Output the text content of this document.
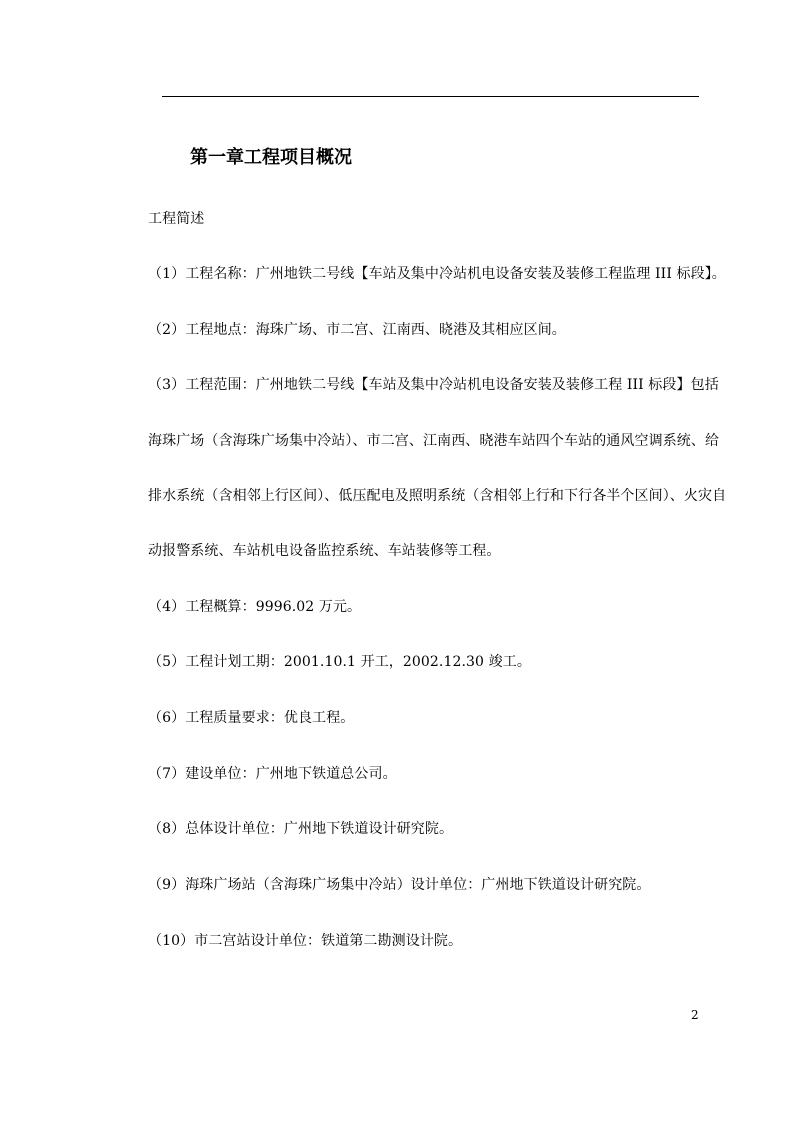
第一章工程项目概况
工程简述
（1）工程名称：广州地铁二号线【车站及集中冷站机电设备安装及装修工程监理 III 标段】。
（2）工程地点：海珠广场、市二宫、江南西、晓港及其相应区间。
（3）工程范围：广州地铁二号线【车站及集中冷站机电设备安装及装修工程 III 标段】包括
海珠广场（含海珠广场集中冷站）、市二宫、江南西、晓港车站四个车站的通风空调系统、给
排水系统（含相邻上行区间）、低压配电及照明系统（含相邻上行和下行各半个区间）、火灾自
动报警系统、车站机电设备监控系统、车站装修等工程。
（4）工程概算：9996.02 万元。
（5）工程计划工期：2001.10.1 开工，2002.12.30 竣工。
（6）工程质量要求：优良工程。
（7）建设单位：广州地下铁道总公司。
（8）总体设计单位：广州地下铁道设计研究院。
（9）海珠广场站（含海珠广场集中冷站）设计单位：广州地下铁道设计研究院。
（10）市二宫站设计单位：铁道第二勘测设计院。
2
